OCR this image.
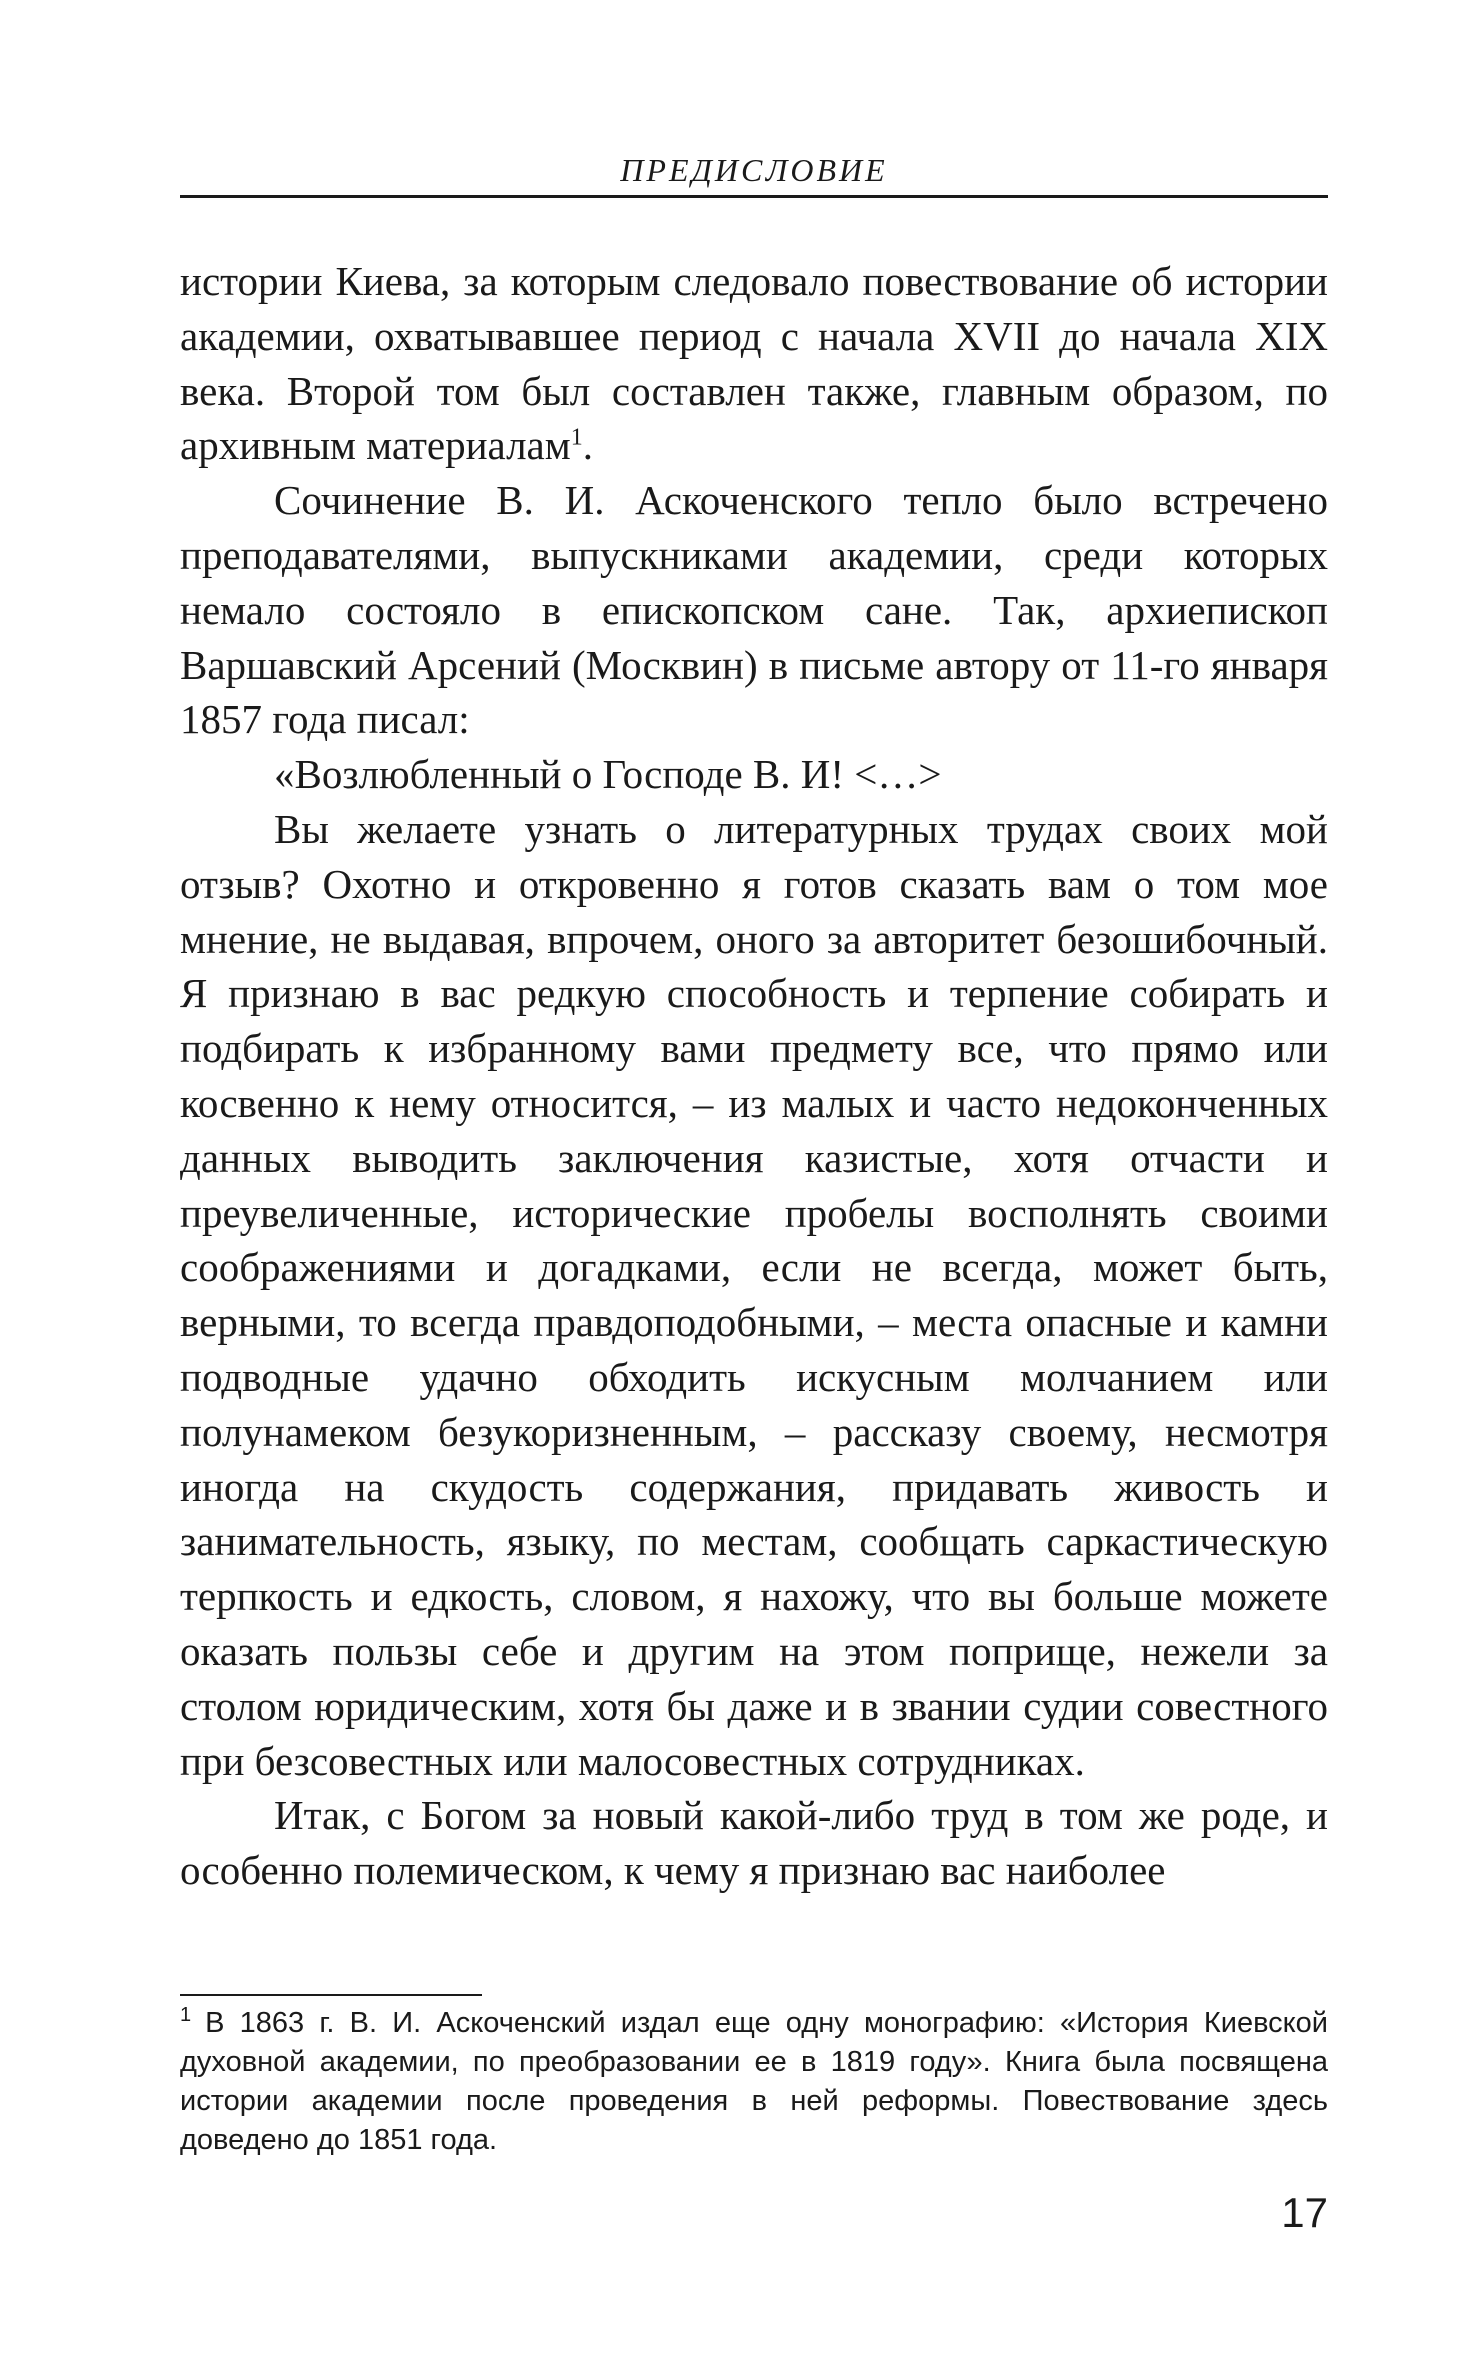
ПРЕДИСЛОВИЕ

истории Киева, за которым следовало повествование об истории академии, охватывавшее период с начала XVII до начала XIX века. Второй том был составлен также, главным образом, по архивным материалам$^1$.

Сочинение В. И. Аскоченского тепло было встречено преподавателями, выпускниками академии, среди которых немало состояло в епископском сане. Так, архиепископ Варшавский Арсений (Москвин) в письме автору от 11-го января 1857 года писал:

«Возлюбленный о Господе В. И! <…>

Вы желаете узнать о литературных трудах своих мой отзыв? Охотно и откровенно я готов сказать вам о том мое мнение, не выдавая, впрочем, оного за авторитет безошибочный. Я признаю в вас редкую способность и терпение собирать и подбирать к избранному вами предмету все, что прямо или косвенно к нему относится, – из малых и часто недоконченных данных выводить заключения казистые, хотя отчасти и преувеличенные, исторические пробелы восполнять своими соображениями и догадками, если не всегда, может быть, верными, то всегда правдоподобными, – места опасные и камни подводные удачно обходить искусным молчанием или полунамеком безукоризненным, – рассказу своему, несмотря иногда на скудость содержания, придавать живость и занимательность, языку, по местам, сообщать саркастическую терпкость и едкость, словом, я нахожу, что вы больше можете оказать пользы себе и другим на этом поприще, нежели за столом юридическим, хотя бы даже и в звании судии совестного при безсовестных или малосовестных сотрудниках.

Итак, с Богом за новый какой-либо труд в том же роде, и особенно полемическом, к чему я признаю вас наиболее

$^1$ В 1863 г. В. И. Аскоченский издал еще одну монографию: «История Киевской духовной академии, по преобразовании ее в 1819 году». Книга была посвящена истории академии после проведения в ней реформы. Повествование здесь доведено до 1851 года.

17
